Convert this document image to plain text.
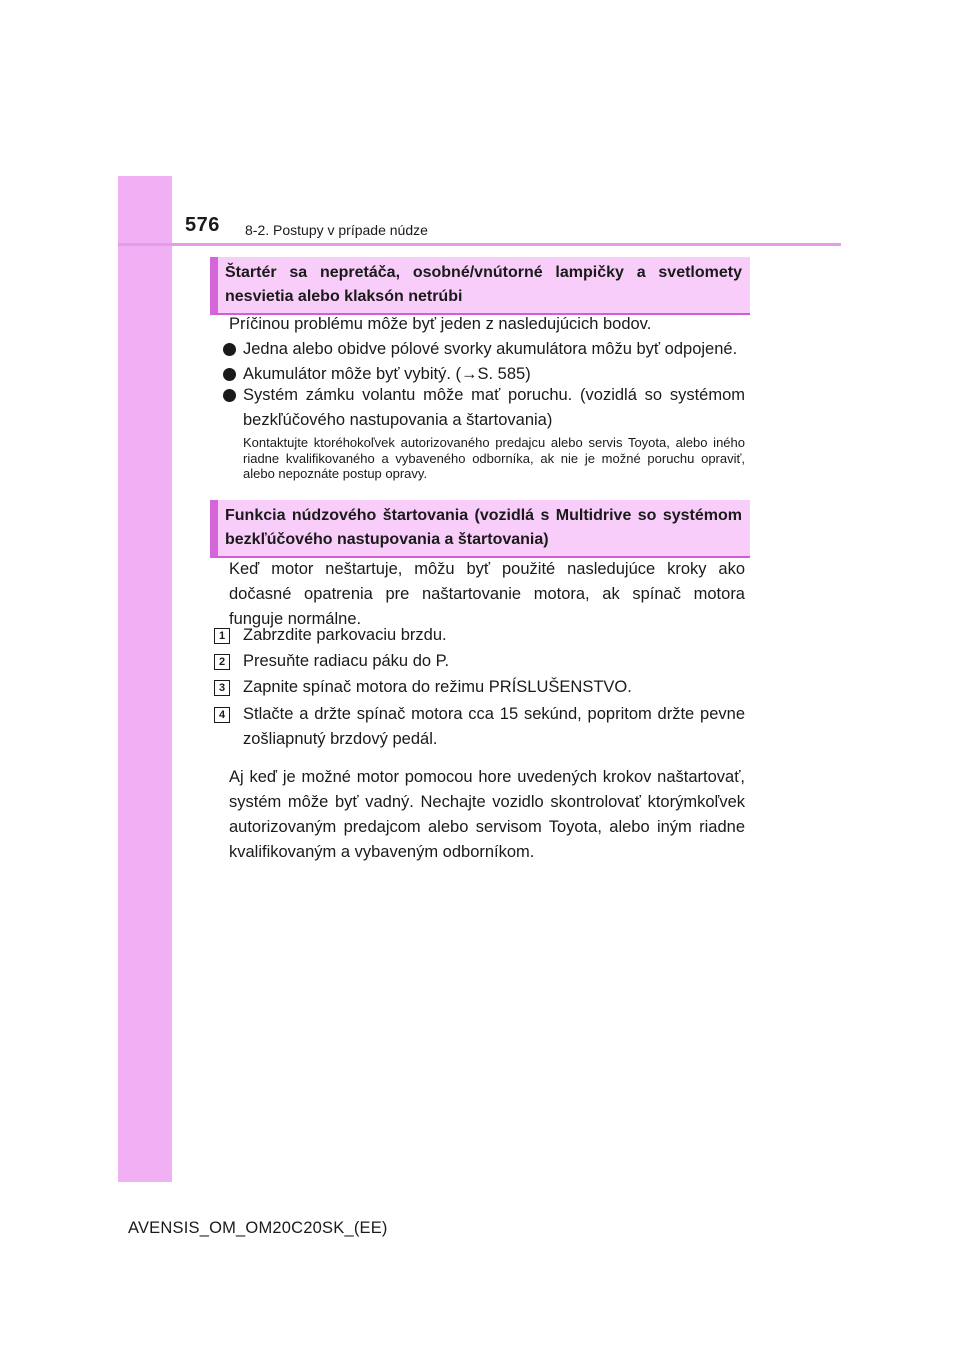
576 8-2. Postupy v prípade núdze
Štartér sa nepretáča, osobné/vnútorné lampičky a svetlomety nesvietia alebo klaksón netrúbi
Príčinou problému môže byť jeden z nasledujúcich bodov.
Jedna alebo obidve pólové svorky akumulátora môžu byť odpojené.
Akumulátor môže byť vybitý. (→S. 585)
Systém zámku volantu môže mať poruchu. (vozidlá so systémom bezkľúčového nastupovania a štartovania)
Kontaktujte ktoréhokoľvek autorizovaného predajcu alebo servis Toyota, alebo iného riadne kvalifikovaného a vybaveného odborníka, ak nie je možné poruchu opraviť, alebo nepoznáte postup opravy.
Funkcia núdzového štartovania (vozidlá s Multidrive so systémom bezkľúčového nastupovania a štartovania)
Keď motor neštartuje, môžu byť použité nasledujúce kroky ako dočasné opatrenia pre naštartovanie motora, ak spínač motora funguje normálne.
1 Zabrzdite parkovaciu brzdu.
2 Presuňte radiacu páku do P.
3 Zapnite spínač motora do režimu PRÍSLUŠENSTVO.
4 Stlačte a držte spínač motora cca 15 sekúnd, popritom držte pevne zošliapnutý brzdový pedál.
Aj keď je možné motor pomocou hore uvedených krokov naštartovať, systém môže byť vadný. Nechajte vozidlo skontrolovať ktorýmkoľvek autorizovaným predajcom alebo servisom Toyota, alebo iným riadne kvalifikovaným a vybaveným odborníkom.
AVENSIS_OM_OM20C20SK_(EE)
